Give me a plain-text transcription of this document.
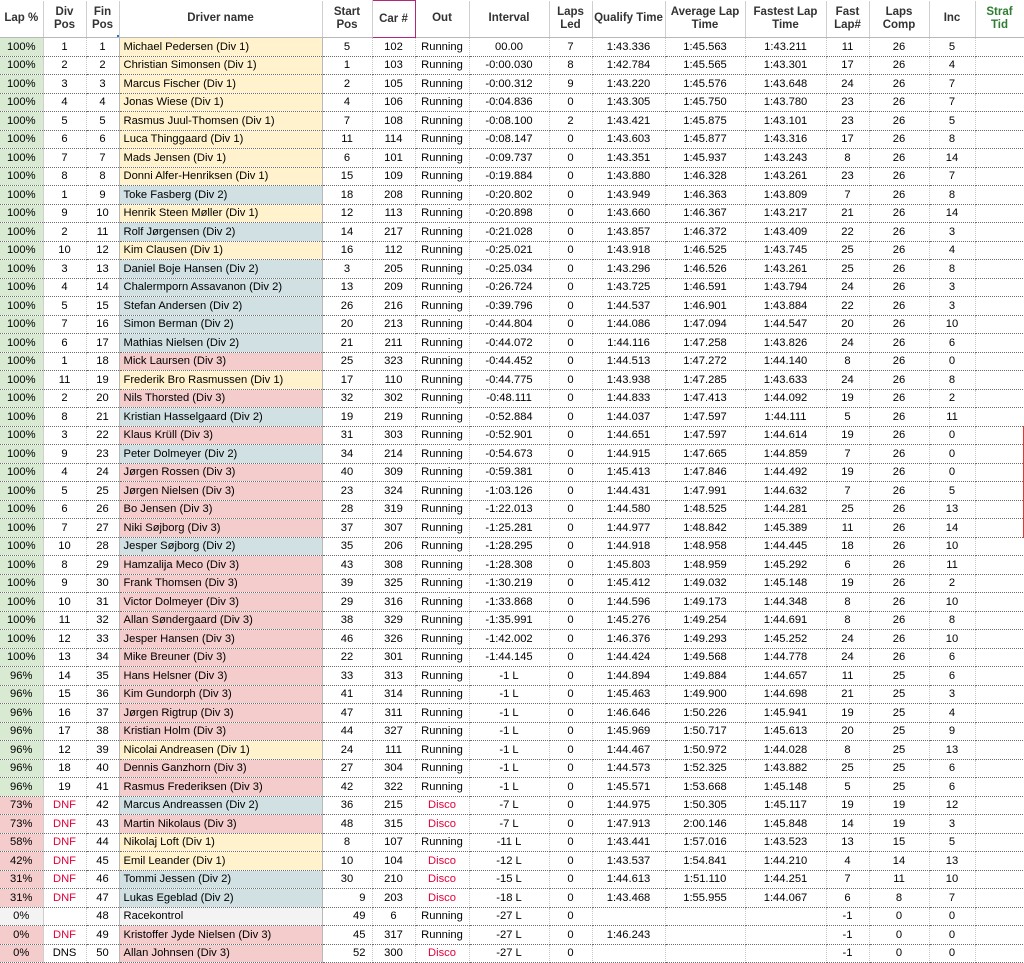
Lap %	Div Pos	Fin Pos	Driver name	Start Pos	Car #	Out	Interval	Laps Led	Qualify Time	Average Lap Time	Fastest Lap Time	Fast Lap#	Laps Comp	Inc	Straf Tid
100%	1	1	Michael Pedersen (Div 1)	5	102	Running	00.00	7	1:43.336	1:45.563	1:43.211	11	26	5	
100%	2	2	Christian Simonsen (Div 1)	1	103	Running	-0:00.030	8	1:42.784	1:45.565	1:43.301	17	26	4	
100%	3	3	Marcus Fischer (Div 1)	2	105	Running	-0:00.312	9	1:43.220	1:45.576	1:43.648	24	26	7	
100%	4	4	Jonas Wiese (Div 1)	4	106	Running	-0:04.836	0	1:43.305	1:45.750	1:43.780	23	26	7	
100%	5	5	Rasmus Juul-Thomsen (Div 1)	7	108	Running	-0:08.100	2	1:43.421	1:45.875	1:43.101	23	26	5	
100%	6	6	Luca Thinggaard (Div 1)	11	114	Running	-0:08.147	0	1:43.603	1:45.877	1:43.316	17	26	8	
100%	7	7	Mads Jensen (Div 1)	6	101	Running	-0:09.737	0	1:43.351	1:45.937	1:43.243	8	26	14	
100%	8	8	Donni Alfer-Henriksen (Div 1)	15	109	Running	-0:19.884	0	1:43.880	1:46.328	1:43.261	23	26	7	
100%	1	9	Toke Fasberg (Div 2)	18	208	Running	-0:20.802	0	1:43.949	1:46.363	1:43.809	7	26	8	
100%	9	10	Henrik Steen Møller (Div 1)	12	113	Running	-0:20.898	0	1:43.660	1:46.367	1:43.217	21	26	14	
100%	2	11	Rolf Jørgensen (Div 2)	14	217	Running	-0:21.028	0	1:43.857	1:46.372	1:43.409	22	26	3	
100%	10	12	Kim Clausen (Div 1)	16	112	Running	-0:25.021	0	1:43.918	1:46.525	1:43.745	25	26	4	
100%	3	13	Daniel Boje Hansen (Div 2)	3	205	Running	-0:25.034	0	1:43.296	1:46.526	1:43.261	25	26	8	
100%	4	14	Chalermporn Assavanon (Div 2)	13	209	Running	-0:26.724	0	1:43.725	1:46.591	1:43.794	24	26	3	
100%	5	15	Stefan Andersen (Div 2)	26	216	Running	-0:39.796	0	1:44.537	1:46.901	1:43.884	22	26	3	
100%	7	16	Simon Berman (Div 2)	20	213	Running	-0:44.804	0	1:44.086	1:47.094	1:44.547	20	26	10	
100%	6	17	Mathias Nielsen (Div 2)	21	211	Running	-0:44.072	0	1:44.116	1:47.258	1:43.826	24	26	6	
100%	1	18	Mick Laursen (Div 3)	25	323	Running	-0:44.452	0	1:44.513	1:47.272	1:44.140	8	26	0	
100%	11	19	Frederik Bro Rasmussen (Div 1)	17	110	Running	-0:44.775	0	1:43.938	1:47.285	1:43.633	24	26	8	
100%	2	20	Nils Thorsted (Div 3)	32	302	Running	-0:48.111	0	1:44.833	1:47.413	1:44.092	19	26	2	
100%	8	21	Kristian Hasselgaard (Div 2)	19	219	Running	-0:52.884	0	1:44.037	1:47.597	1:44.111	5	26	11	
100%	3	22	Klaus Krüll (Div 3)	31	303	Running	-0:52.901	0	1:44.651	1:47.597	1:44.614	19	26	0	
100%	9	23	Peter Dolmeyer (Div 2)	34	214	Running	-0:54.673	0	1:44.915	1:47.665	1:44.859	7	26	0	
100%	4	24	Jørgen Rossen (Div 3)	40	309	Running	-0:59.381	0	1:45.413	1:47.846	1:44.492	19	26	0	
100%	5	25	Jørgen Nielsen (Div 3)	23	324	Running	-1:03.126	0	1:44.431	1:47.991	1:44.632	7	26	5	
100%	6	26	Bo Jensen (Div 3)	28	319	Running	-1:22.013	0	1:44.580	1:48.525	1:44.281	25	26	13	
100%	7	27	Niki Søjborg (Div 3)	37	307	Running	-1:25.281	0	1:44.977	1:48.842	1:45.389	11	26	14	
100%	10	28	Jesper Søjborg (Div 2)	35	206	Running	-1:28.295	0	1:44.918	1:48.958	1:44.445	18	26	10	
100%	8	29	Hamzalija Meco (Div 3)	43	308	Running	-1:28.308	0	1:45.803	1:48.959	1:45.292	6	26	11	
100%	9	30	Frank Thomsen (Div 3)	39	325	Running	-1:30.219	0	1:45.412	1:49.032	1:45.148	19	26	2	
100%	10	31	Victor Dolmeyer (Div 3)	29	316	Running	-1:33.868	0	1:44.596	1:49.173	1:44.348	8	26	10	
100%	11	32	Allan Søndergaard (Div 3)	38	329	Running	-1:35.991	0	1:45.276	1:49.254	1:44.691	8	26	8	
100%	12	33	Jesper Hansen (Div 3)	46	326	Running	-1:42.002	0	1:46.376	1:49.293	1:45.252	24	26	10	
100%	13	34	Mike Breuner (Div 3)	22	301	Running	-1:44.145	0	1:44.424	1:49.568	1:44.778	24	26	6	
96%	14	35	Hans Helsner (Div 3)	33	313	Running	-1 L	0	1:44.894	1:49.884	1:44.657	11	25	6	
96%	15	36	Kim Gundorph (Div 3)	41	314	Running	-1 L	0	1:45.463	1:49.900	1:44.698	21	25	3	
96%	16	37	Jørgen Rigtrup (Div 3)	47	311	Running	-1 L	0	1:46.646	1:50.226	1:45.941	19	25	4	
96%	17	38	Kristian Holm (Div 3)	44	327	Running	-1 L	0	1:45.969	1:50.717	1:45.613	20	25	9	
96%	12	39	Nicolai Andreasen (Div 1)	24	111	Running	-1 L	0	1:44.467	1:50.972	1:44.028	8	25	13	
96%	18	40	Dennis Ganzhorn (Div 3)	27	304	Running	-1 L	0	1:44.573	1:52.325	1:43.882	25	25	6	
96%	19	41	Rasmus Frederiksen (Div 3)	42	322	Running	-1 L	0	1:45.571	1:53.668	1:45.148	5	25	6	
73%	DNF	42	Marcus Andreassen (Div 2)	36	215	Disco	-7 L	0	1:44.975	1:50.305	1:45.117	19	19	12	
73%	DNF	43	Martin Nikolaus (Div 3)	48	315	Disco	-7 L	0	1:47.913	2:00.146	1:45.848	14	19	3	
58%	DNF	44	Nikolaj Loft (Div 1)	8	107	Running	-11 L	0	1:43.441	1:57.016	1:43.523	13	15	5	
42%	DNF	45	Emil Leander (Div 1)	10	104	Disco	-12 L	0	1:43.537	1:54.841	1:44.210	4	14	13	
31%	DNF	46	Tommi Jessen (Div 2)	30	210	Disco	-15 L	0	1:44.613	1:51.110	1:44.251	7	11	10	
31%	DNF	47	Lukas Egeblad (Div 2)	9	203	Disco	-18 L	0	1:43.468	1:55.955	1:44.067	6	8	7	
0%		48	Racekontrol	49	6	Running	-27 L	0				-1	0	0	
0%	DNF	49	Kristoffer Jyde Nielsen (Div 3)	45	317	Running	-27 L	0	1:46.243			-1	0	0	
0%	DNS	50	Allan Johnsen (Div 3)	52	300	Disco	-27 L	0				-1	0	0	
